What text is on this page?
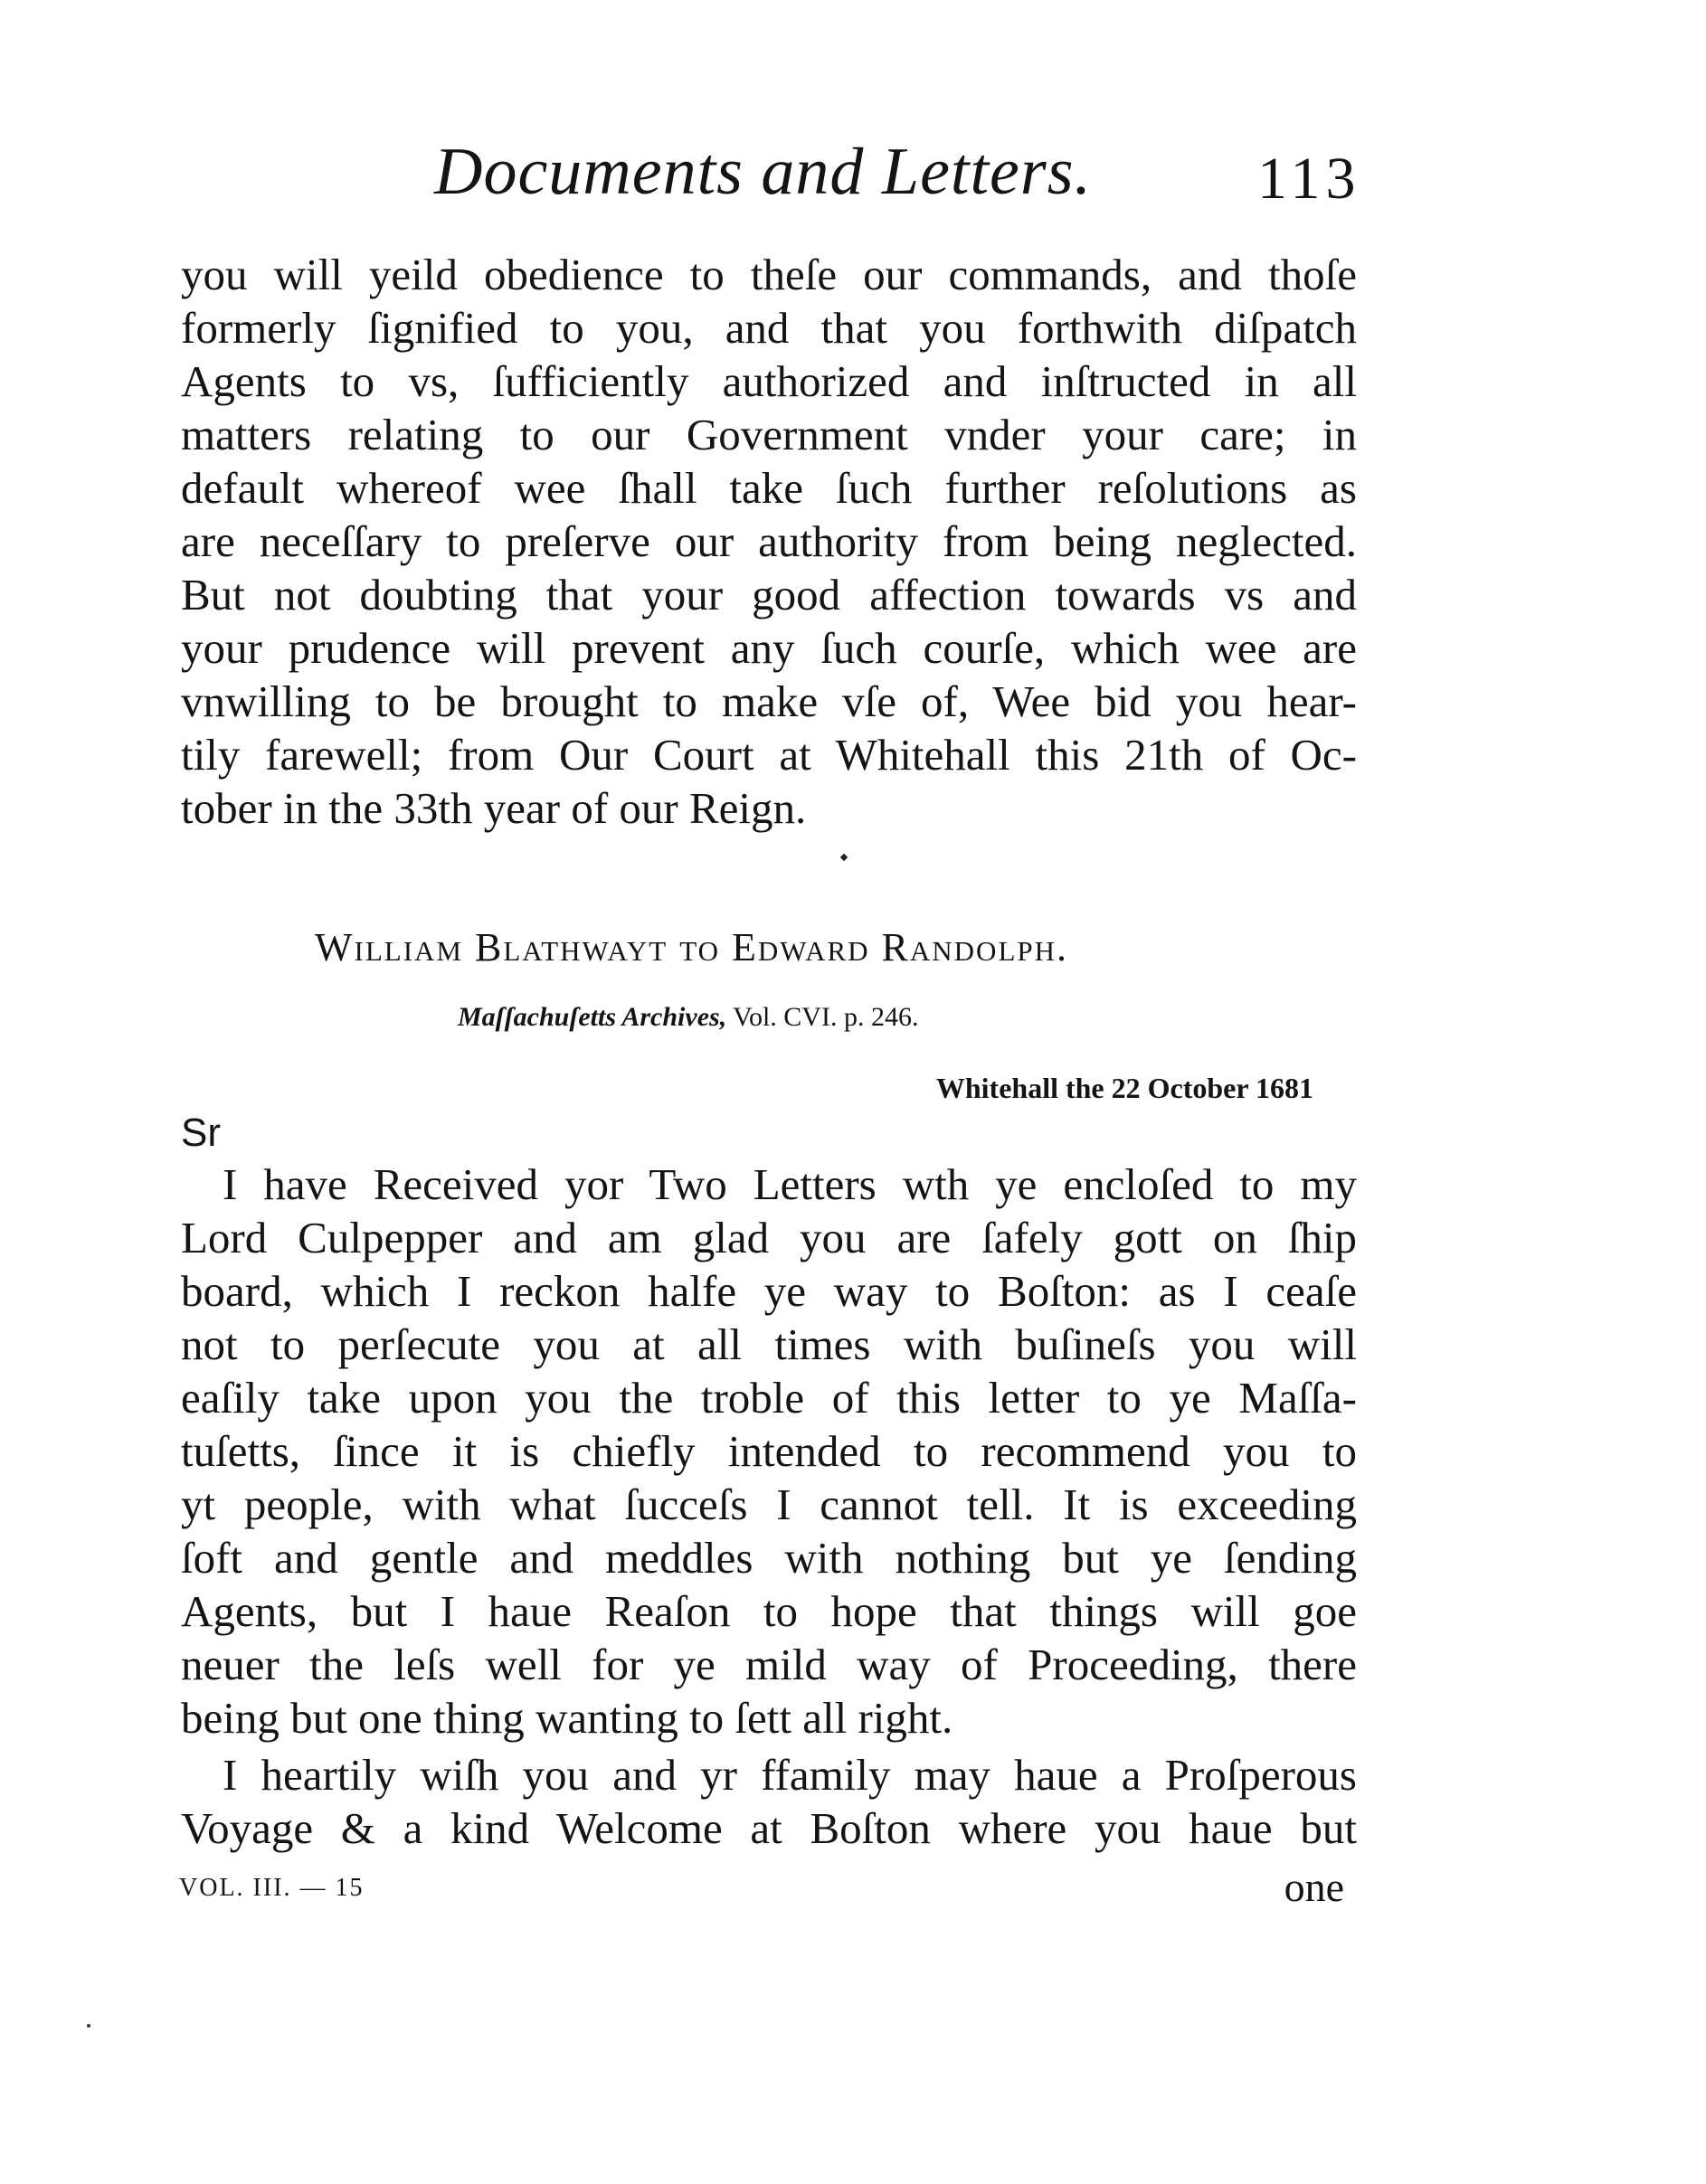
Documents and Letters.	113
you will yeild obedience to theſe our commands, and thoſe
formerly ſignified to you, and that you forthwith diſpatch
Agents to vs, ſufficiently authorized and inſtructed in all
matters relating to our Government vnder your care; in
default whereof wee ſhall take ſuch further reſolutions as
are neceſſary to preſerve our authority from being neglected.
But not doubting that your good affection towards vs and
your prudence will prevent any ſuch courſe, which wee are
vnwilling to be brought to make vſe of, Wee bid you hear-
tily farewell; from Our Court at Whitehall this 21th of Oc-
tober in the 33th year of our Reign.
William Blathwayt to Edward Randolph.
Maſſachuſetts Archives, Vol. CVI. p. 246.
Whitehall the 22 October 1681
Sr
I have Received yor Two Letters wth ye encloſed to my
Lord Culpepper and am glad you are ſafely gott on ſhip
board, which I reckon halfe ye way to Boſton: as I ceaſe
not to perſecute you at all times with buſineſs you will
eaſily take upon you the troble of this letter to ye Maſſa-
tuſetts, ſince it is chiefly intended to recommend you to
yt people, with what ſucceſs I cannot tell. It is exceeding
ſoft and gentle and meddles with nothing but ye ſending
Agents, but I haue Reaſon to hope that things will goe
neuer the leſs well for ye mild way of Proceeding, there
being but one thing wanting to ſett all right.
I heartily wiſh you and yr ffamily may haue a Proſperous
Voyage & a kind Welcome at Boſton where you haue but
VOL. III. — 15	one
